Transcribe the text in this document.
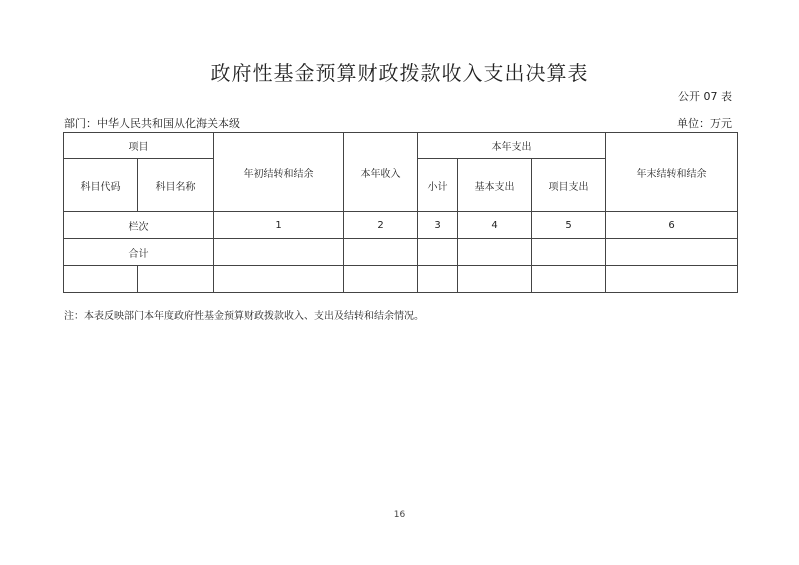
政府性基金预算财政拨款收入支出决算表
公开 07 表
部门：中华人民共和国从化海关本级	单位：万元
项目		年初结转和结余	本年收入	本年支出			年末结转和结余
科目代码	科目名称			小计	基本支出	项目支出	
栏次		1	2	3	4	5	6
合计							

注：本表反映部门本年度政府性基金预算财政拨款收入、支出及结转和结余情况。
16
